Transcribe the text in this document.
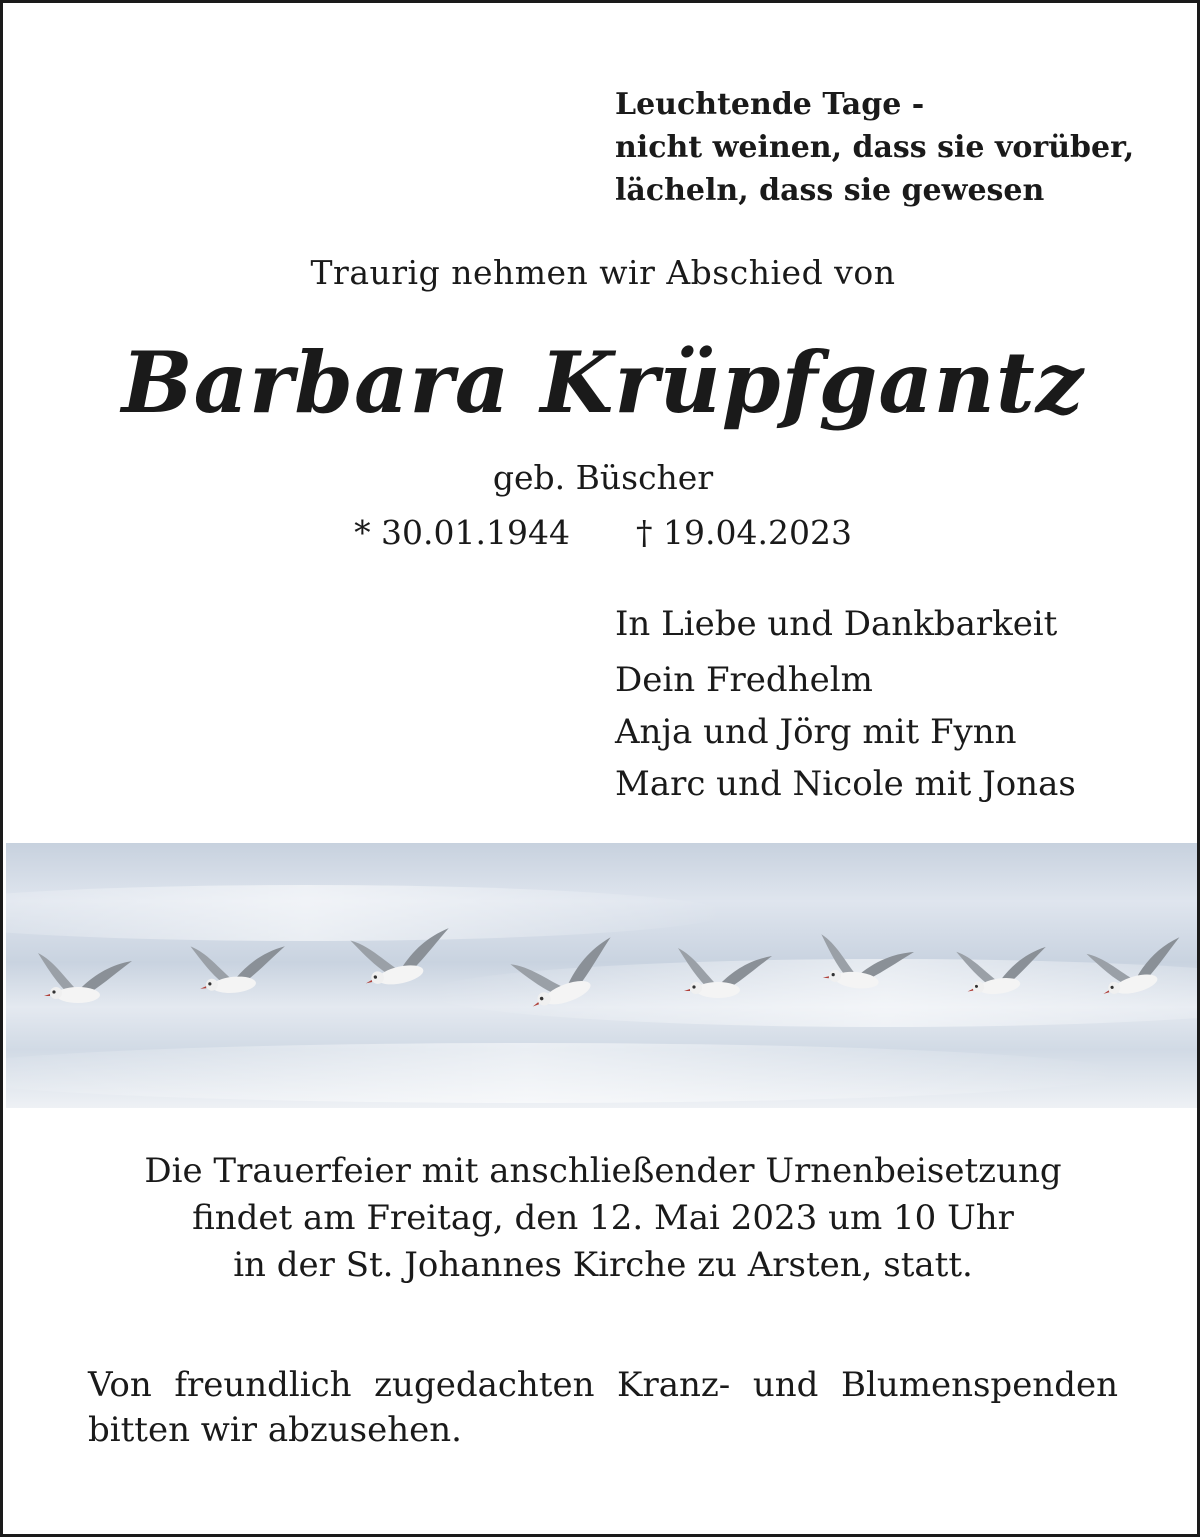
Leuchtende Tage -
nicht weinen, dass sie vorüber,
lächeln, dass sie gewesen
Traurig nehmen wir Abschied von
Barbara Krüpfgantz
geb. Büscher
* 30.01.1944 † 19.04.2023
In Liebe und Dankbarkeit
Dein Fredhelm
Anja und Jörg mit Fynn
Marc und Nicole mit Jonas
Die Trauerfeier mit anschließender Urnenbeisetzung
findet am Freitag, den 12. Mai 2023 um 10 Uhr
in der St. Johannes Kirche zu Arsten, statt.
Von freundlich zugedachten Kranz- und Blumenspenden
bitten wir abzusehen.
